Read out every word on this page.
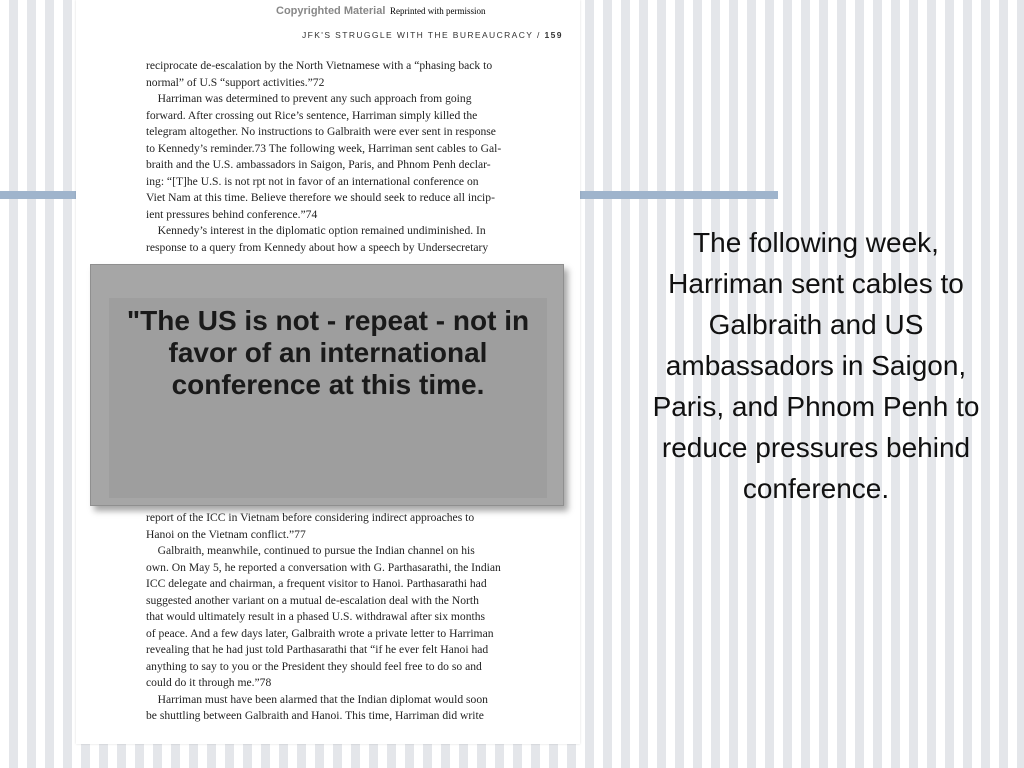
Copyrighted Material Reprinted with permission
JFK'S STRUGGLE WITH THE BUREAUCRACY / 159
reciprocate de-escalation by the North Vietnamese with a “phasing back to
normal” of U.S “support activities.”72
 Harriman was determined to prevent any such approach from going
forward. After crossing out Rice’s sentence, Harriman simply killed the
telegram altogether. No instructions to Galbraith were ever sent in response
to Kennedy’s reminder.73 The following week, Harriman sent cables to Gal-
braith and the U.S. ambassadors in Saigon, Paris, and Phnom Penh declar-
ing: “[T]he U.S. is not rpt not in favor of an international conference on
Viet Nam at this time. Believe therefore we should seek to reduce all incip-
ient pressures behind conference.”74
 Kennedy’s interest in the diplomatic option remained undiminished. In
response to a query from Kennedy about how a speech by Undersecretary
report of the ICC in Vietnam before considering indirect approaches to
Hanoi on the Vietnam conflict.”77
 Galbraith, meanwhile, continued to pursue the Indian channel on his
own. On May 5, he reported a conversation with G. Parthasarathi, the Indian
ICC delegate and chairman, a frequent visitor to Hanoi. Parthasarathi had
suggested another variant on a mutual de-escalation deal with the North
that would ultimately result in a phased U.S. withdrawal after six months
of peace. And a few days later, Galbraith wrote a private letter to Harriman
revealing that he had just told Parthasarathi that “if he ever felt Hanoi had
anything to say to you or the President they should feel free to do so and
could do it through me.”78
 Harriman must have been alarmed that the Indian diplomat would soon
be shuttling between Galbraith and Hanoi. This time, Harriman did write
"The US is not - repeat - not in favor of an international conference at this time.
The following week, Harriman sent cables to Galbraith and US ambassadors in Saigon, Paris, and Phnom Penh to reduce pressures behind conference.
